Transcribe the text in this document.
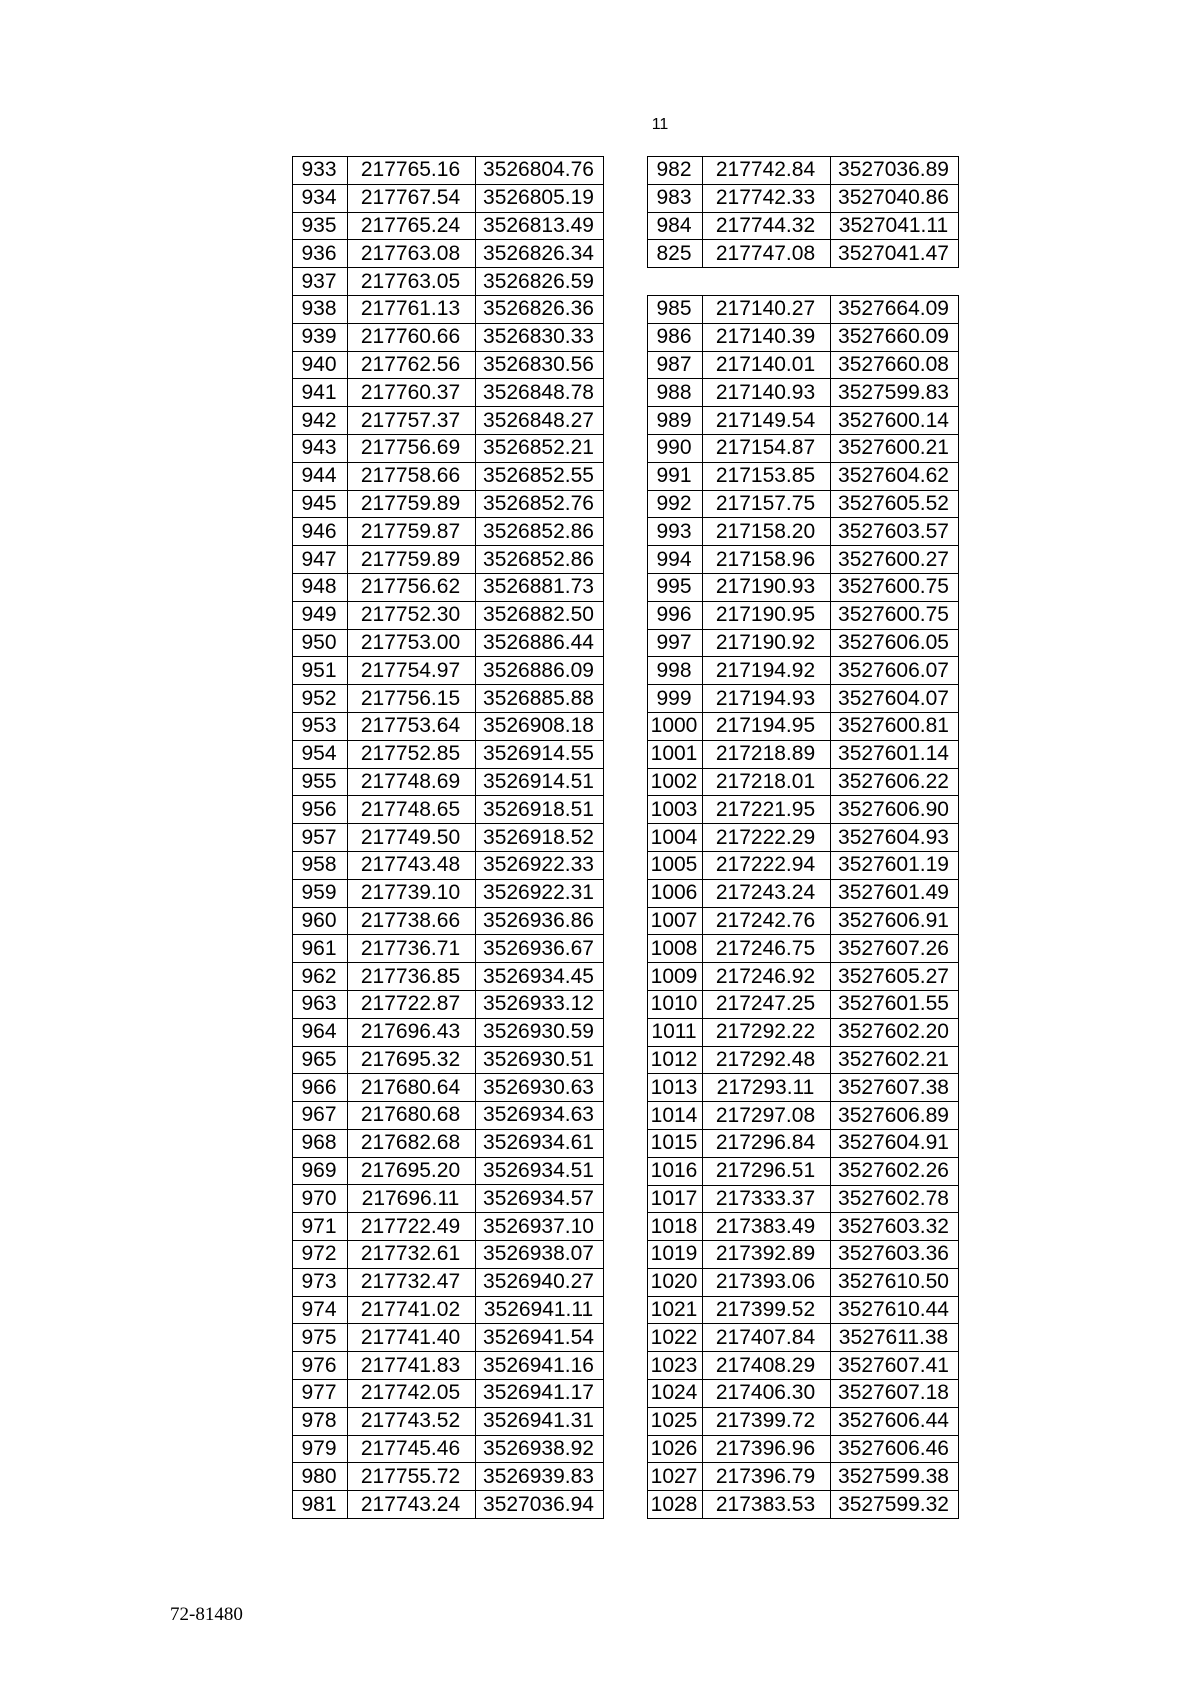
11
933	217765.16	3526804.76
934	217767.54	3526805.19
935	217765.24	3526813.49
936	217763.08	3526826.34
937	217763.05	3526826.59
938	217761.13	3526826.36
939	217760.66	3526830.33
940	217762.56	3526830.56
941	217760.37	3526848.78
942	217757.37	3526848.27
943	217756.69	3526852.21
944	217758.66	3526852.55
945	217759.89	3526852.76
946	217759.87	3526852.86
947	217759.89	3526852.86
948	217756.62	3526881.73
949	217752.30	3526882.50
950	217753.00	3526886.44
951	217754.97	3526886.09
952	217756.15	3526885.88
953	217753.64	3526908.18
954	217752.85	3526914.55
955	217748.69	3526914.51
956	217748.65	3526918.51
957	217749.50	3526918.52
958	217743.48	3526922.33
959	217739.10	3526922.31
960	217738.66	3526936.86
961	217736.71	3526936.67
962	217736.85	3526934.45
963	217722.87	3526933.12
964	217696.43	3526930.59
965	217695.32	3526930.51
966	217680.64	3526930.63
967	217680.68	3526934.63
968	217682.68	3526934.61
969	217695.20	3526934.51
970	217696.11	3526934.57
971	217722.49	3526937.10
972	217732.61	3526938.07
973	217732.47	3526940.27
974	217741.02	3526941.11
975	217741.40	3526941.54
976	217741.83	3526941.16
977	217742.05	3526941.17
978	217743.52	3526941.31
979	217745.46	3526938.92
980	217755.72	3526939.83
981	217743.24	3527036.94
982	217742.84	3527036.89
983	217742.33	3527040.86
984	217744.32	3527041.11
825	217747.08	3527041.47
985	217140.27	3527664.09
986	217140.39	3527660.09
987	217140.01	3527660.08
988	217140.93	3527599.83
989	217149.54	3527600.14
990	217154.87	3527600.21
991	217153.85	3527604.62
992	217157.75	3527605.52
993	217158.20	3527603.57
994	217158.96	3527600.27
995	217190.93	3527600.75
996	217190.95	3527600.75
997	217190.92	3527606.05
998	217194.92	3527606.07
999	217194.93	3527604.07
1000	217194.95	3527600.81
1001	217218.89	3527601.14
1002	217218.01	3527606.22
1003	217221.95	3527606.90
1004	217222.29	3527604.93
1005	217222.94	3527601.19
1006	217243.24	3527601.49
1007	217242.76	3527606.91
1008	217246.75	3527607.26
1009	217246.92	3527605.27
1010	217247.25	3527601.55
1011	217292.22	3527602.20
1012	217292.48	3527602.21
1013	217293.11	3527607.38
1014	217297.08	3527606.89
1015	217296.84	3527604.91
1016	217296.51	3527602.26
1017	217333.37	3527602.78
1018	217383.49	3527603.32
1019	217392.89	3527603.36
1020	217393.06	3527610.50
1021	217399.52	3527610.44
1022	217407.84	3527611.38
1023	217408.29	3527607.41
1024	217406.30	3527607.18
1025	217399.72	3527606.44
1026	217396.96	3527606.46
1027	217396.79	3527599.38
1028	217383.53	3527599.32
72-81480
